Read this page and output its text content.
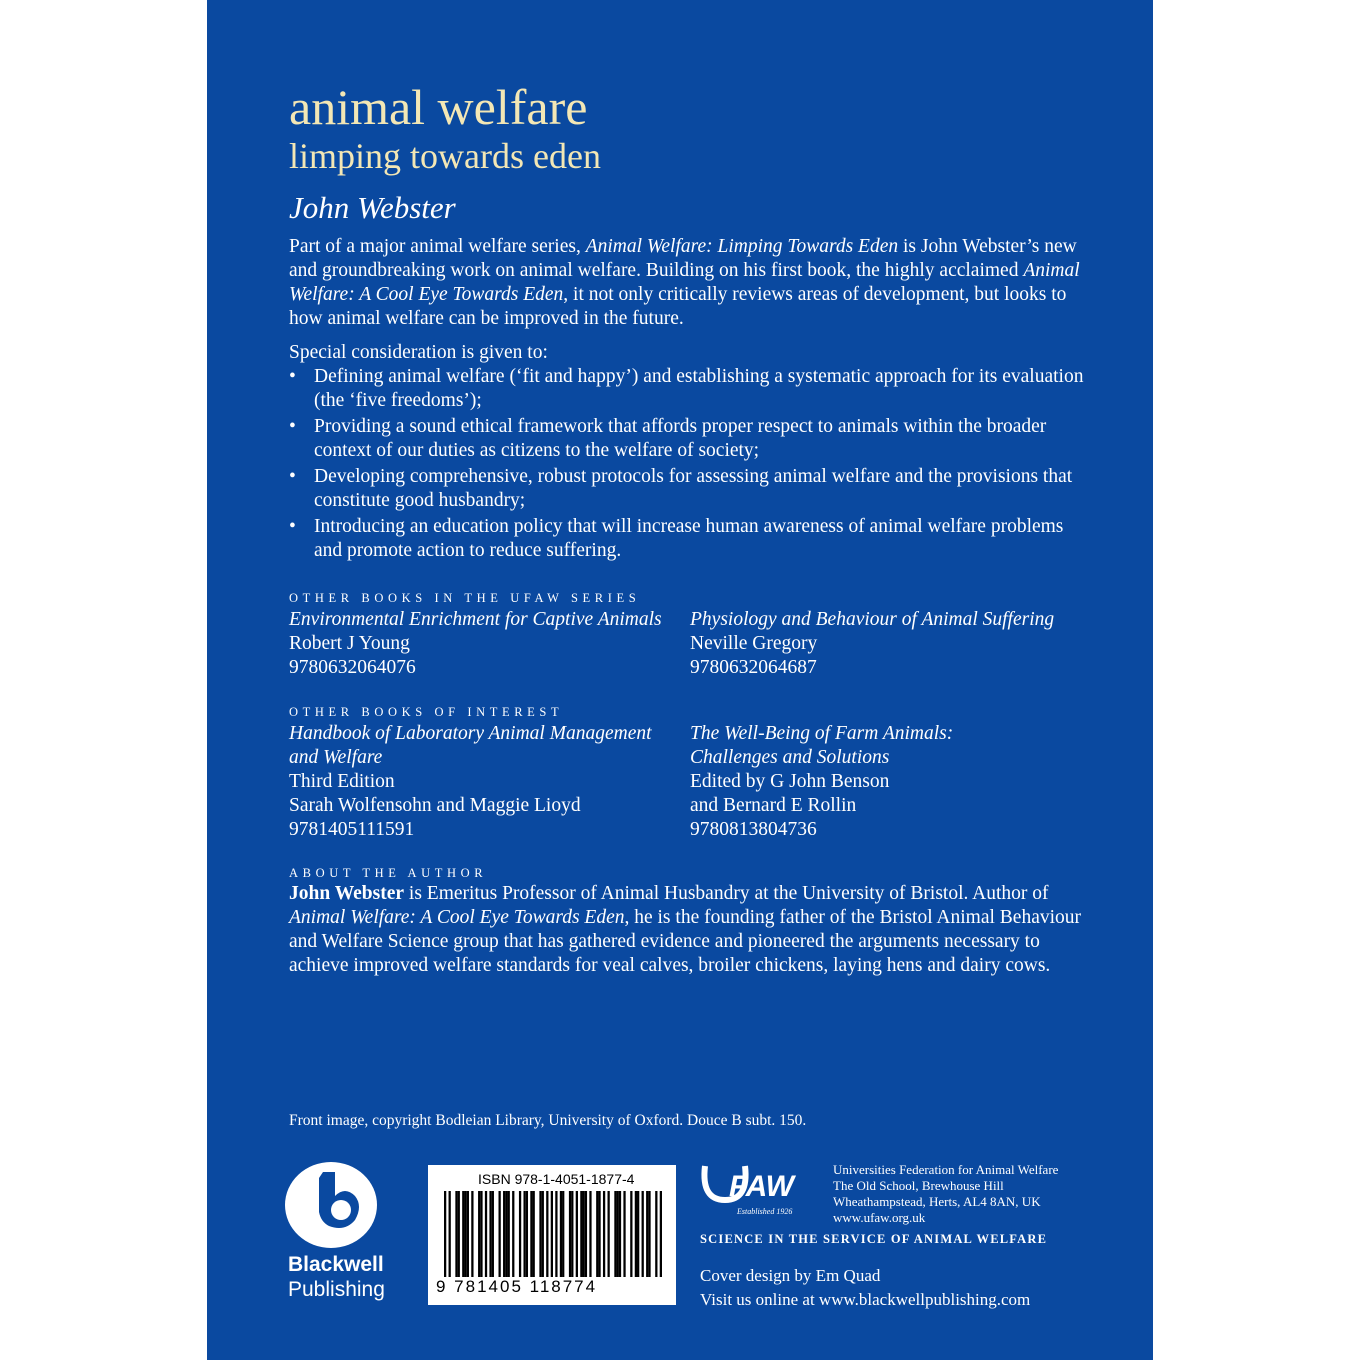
animal welfare
limping towards eden
John Webster

Part of a major animal welfare series, Animal Welfare: Limping Towards Eden is John Webster’s new and groundbreaking work on animal welfare. Building on his first book, the highly acclaimed Animal Welfare: A Cool Eye Towards Eden, it not only critically reviews areas of development, but looks to how animal welfare can be improved in the future.

Special consideration is given to:
• Defining animal welfare (‘fit and happy’) and establishing a systematic approach for its evaluation (the ‘five freedoms’);
• Providing a sound ethical framework that affords proper respect to animals within the broader context of our duties as citizens to the welfare of society;
• Developing comprehensive, robust protocols for assessing animal welfare and the provisions that constitute good husbandry;
• Introducing an education policy that will increase human awareness of animal welfare problems and promote action to reduce suffering.
OTHER BOOKS IN THE UFAW SERIES
Environmental Enrichment for Captive Animals
Robert J Young
9780632064076
Physiology and Behaviour of Animal Suffering
Neville Gregory
9780632064687
OTHER BOOKS OF INTEREST
Handbook of Laboratory Animal Management
and Welfare
Third Edition
Sarah Wolfensohn and Maggie Lioyd
9781405111591
The Well-Being of Farm Animals:
Challenges and Solutions
Edited by G John Benson
and Bernard E Rollin
9780813804736
ABOUT THE AUTHOR
John Webster is Emeritus Professor of Animal Husbandry at the University of Bristol. Author of Animal Welfare: A Cool Eye Towards Eden, he is the founding father of the Bristol Animal Behaviour and Welfare Science group that has gathered evidence and pioneered the arguments necessary to achieve improved welfare standards for veal calves, broiler chickens, laying hens and dairy cows.
Front image, copyright Bodleian Library, University of Oxford. Douce B subt. 150.
Blackwell
Publishing
ISBN 978-1-4051-1877-4
9 781405 118774
FAW
Established 1926
Universities Federation for Animal Welfare
The Old School, Brewhouse Hill
Wheathampstead, Herts, AL4 8AN, UK
www.ufaw.org.uk
SCIENCE IN THE SERVICE OF ANIMAL WELFARE
Cover design by Em Quad
Visit us online at www.blackwellpublishing.com
